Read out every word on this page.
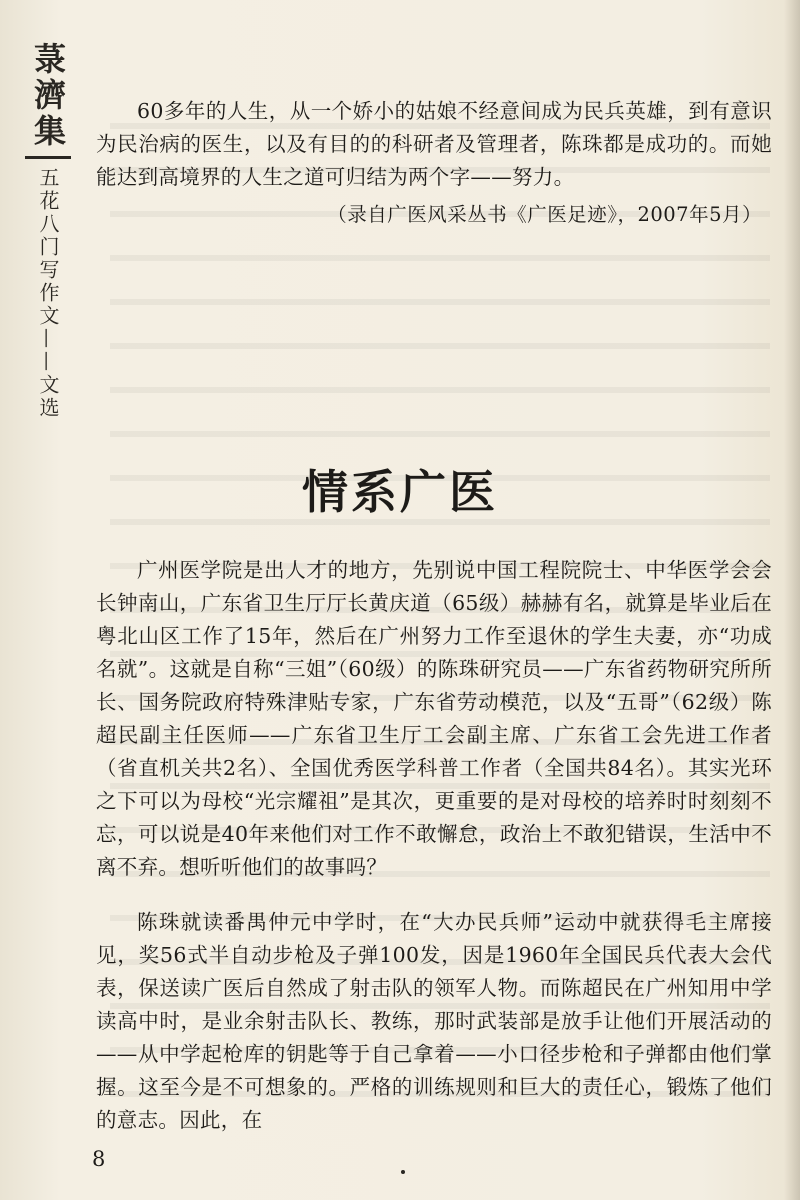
菉濟集
五花八门写作文——文选

60多年的人生，从一个娇小的姑娘不经意间成为民兵英雄，到有意识为民治病的医生，以及有目的的科研者及管理者，陈珠都是成功的。而她能达到高境界的人生之道可归结为两个字——努力。

（录自广医风采丛书《广医足迹》，2007年5月）
情系广医

广州医学院是出人才的地方，先别说中国工程院院士、中华医学会会长钟南山，广东省卫生厅厅长黄庆道（65级）赫赫有名，就算是毕业后在粤北山区工作了15年，然后在广州努力工作至退休的学生夫妻，亦“功成名就”。这就是自称“三姐”（60级）的陈珠研究员——广东省药物研究所所长、国务院政府特殊津贴专家，广东省劳动模范，以及“五哥”（62级）陈超民副主任医师——广东省卫生厅工会副主席、广东省工会先进工作者（省直机关共2名）、全国优秀医学科普工作者（全国共84名）。其实光环之下可以为母校“光宗耀祖”是其次，更重要的是对母校的培养时时刻刻不忘，可以说是40年来他们对工作不敢懈怠，政治上不敢犯错误，生活中不离不弃。想听听他们的故事吗？

陈珠就读番禺仲元中学时，在“大办民兵师”运动中就获得毛主席接见，奖56式半自动步枪及子弹100发，因是1960年全国民兵代表大会代表，保送读广医后自然成了射击队的领军人物。而陈超民在广州知用中学读高中时，是业余射击队长、教练，那时武装部是放手让他们开展活动的——从中学起枪库的钥匙等于自己拿着——小口径步枪和子弹都由他们掌握。这至今是不可想象的。严格的训练规则和巨大的责任心，锻炼了他们的意志。因此，在

8
